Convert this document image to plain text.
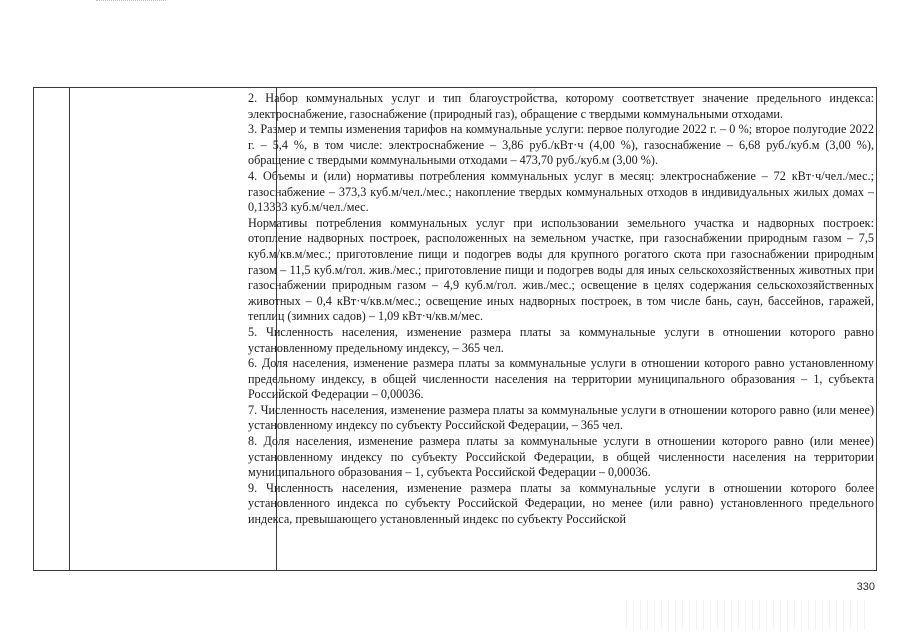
2. Набор коммунальных услуг и тип благоустройства, которому соответствует значение предельного индекса: электроснабжение, газоснабжение (природный газ), обращение с твердыми коммунальными отходами.

3. Размер и темпы изменения тарифов на коммунальные услуги: первое полугодие 2022 г. – 0 %; второе полугодие 2022 г. – 5,4 %, в том числе: электроснабжение – 3,86 руб./кВт·ч (4,00 %), газоснабжение – 6,68 руб./куб.м (3,00 %), обращение с твердыми коммунальными отходами – 473,70 руб./куб.м (3,00 %).

4. Объемы и (или) нормативы потребления коммунальных услуг в месяц: электроснабжение – 72 кВт·ч/чел./мес.; газоснабжение – 373,3 куб.м/чел./мес.; накопление твердых коммунальных отходов в индивидуальных жилых домах – 0,13333 куб.м/чел./мес.

Нормативы потребления коммунальных услуг при использовании земельного участка и надворных построек: отопление надворных построек, расположенных на земельном участке, при газоснабжении природным газом – 7,5 куб.м/кв.м/мес.; приготовление пищи и подогрев воды для крупного рогатого скота при газоснабжении природным газом – 11,5 куб.м/гол. жив./мес.; приготовление пищи и подогрев воды для иных сельскохозяйственных животных при газоснабжении природным газом – 4,9 куб.м/гол. жив./мес.; освещение в целях содержания сельскохозяйственных животных – 0,4 кВт·ч/кв.м/мес.; освещение иных надворных построек, в том числе бань, саун, бассейнов, гаражей, теплиц (зимних садов) – 1,09 кВт·ч/кв.м/мес.

5. Численность населения, изменение размера платы за коммунальные услуги в отношении которого равно установленному предельному индексу, – 365 чел.

6. Доля населения, изменение размера платы за коммунальные услуги в отношении которого равно установленному предельному индексу, в общей численности населения на территории муниципального образования – 1, субъекта Российской Федерации – 0,00036.

7. Численность населения, изменение размера платы за коммунальные услуги в отношении которого равно (или менее) установленному индексу по субъекту Российской Федерации, – 365 чел.

8. Доля населения, изменение размера платы за коммунальные услуги в отношении которого равно (или менее) установленному индексу по субъекту Российской Федерации, в общей численности населения на территории муниципального образования – 1, субъекта Российской Федерации – 0,00036.

9. Численность населения, изменение размера платы за коммунальные услуги в отношении которого более установленного индекса по субъекту Российской Федерации, но менее (или равно) установленного предельного индекса, превышающего установленный индекс по субъекту Российской

330
